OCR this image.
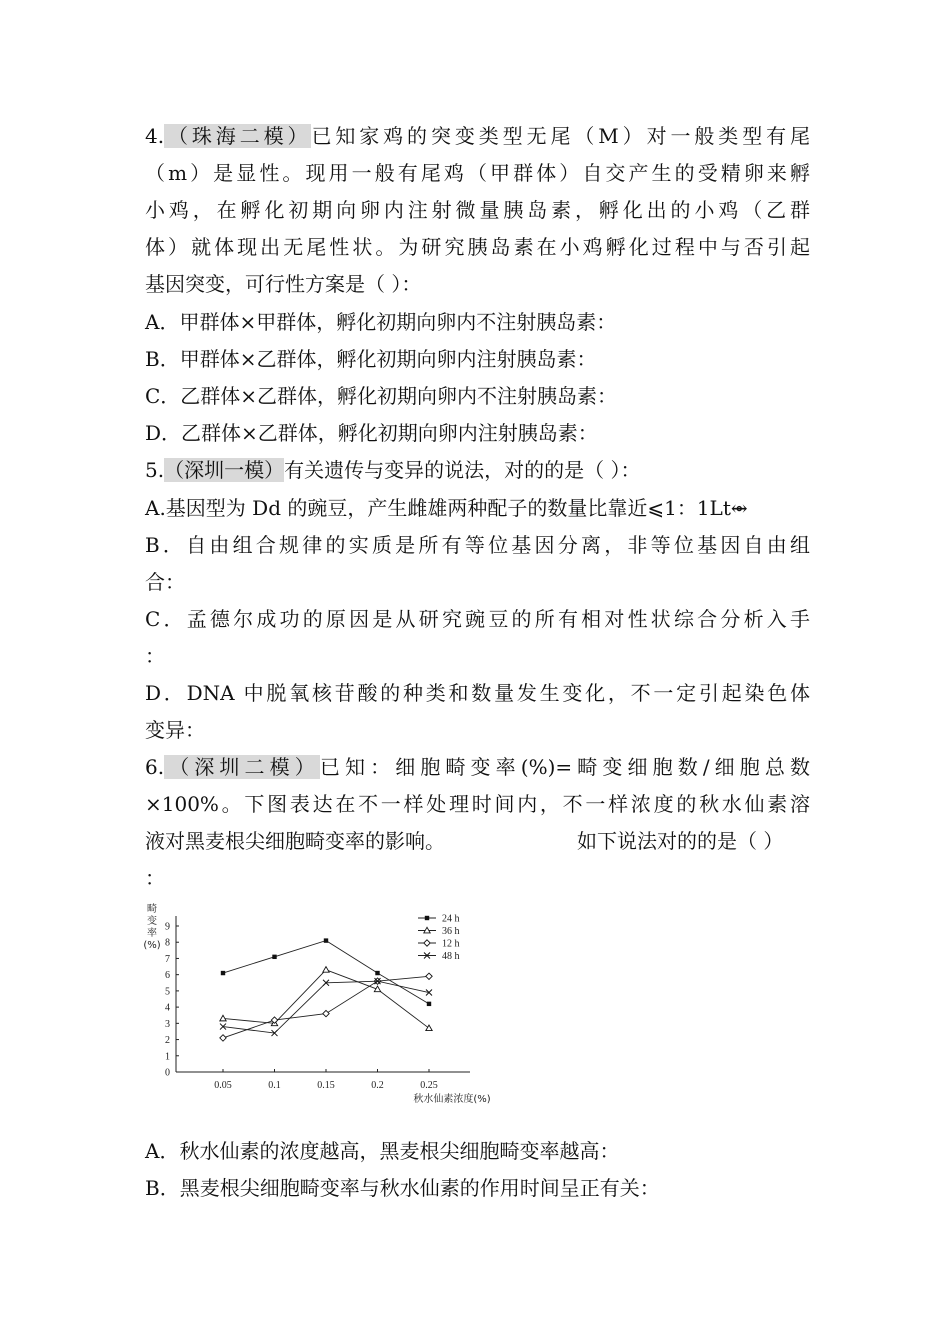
4.（珠海二模）已知家鸡的突变类型无尾（M）对一般类型有尾
（m）是显性。现用一般有尾鸡（甲群体）自交产生的受精卵来孵
小鸡，在孵化初期向卵内注射微量胰岛素，孵化出的小鸡（乙群
体）就体现出无尾性状。为研究胰岛素在小鸡孵化过程中与否引起
基因突变，可行性方案是（ ）：
A．甲群体×甲群体，孵化初期向卵内不注射胰岛素：
B．甲群体×乙群体，孵化初期向卵内注射胰岛素：
C．乙群体×乙群体，孵化初期向卵内不注射胰岛素：
D．乙群体×乙群体，孵化初期向卵内注射胰岛素：
5.（深圳一模）有关遗传与变异的说法，对的的是（ ）：
A.基因型为 Dd 的豌豆，产生雌雄两种配子的数量比靠近⩽1：1Lt⥈
B．自由组合规律的实质是所有等位基因分离，非等位基因自由组
合：
C．孟德尔成功的原因是从研究豌豆的所有相对性状综合分析入手
：
D．DNA 中脱氧核苷酸的种类和数量发生变化，不一定引起染色体
变异：
6.（深圳二模）已知：细胞畸变率(%)=畸变细胞数/细胞总数
×100%。下图表达在不一样处理时间内，不一样浓度的秋水仙素溶
液对黑麦根尖细胞畸变率的影响。	如下说法对的的是（ ）
：
0
1
2
3
4
5
6
7
8
9
畸
变
率
(%)
0.05	0.1	0.15	0.2	0.25
秋水仙素浓度(%)
24 h
36 h
12 h
48 h
A．秋水仙素的浓度越高，黑麦根尖细胞畸变率越高：
B．黑麦根尖细胞畸变率与秋水仙素的作用时间呈正有关：
